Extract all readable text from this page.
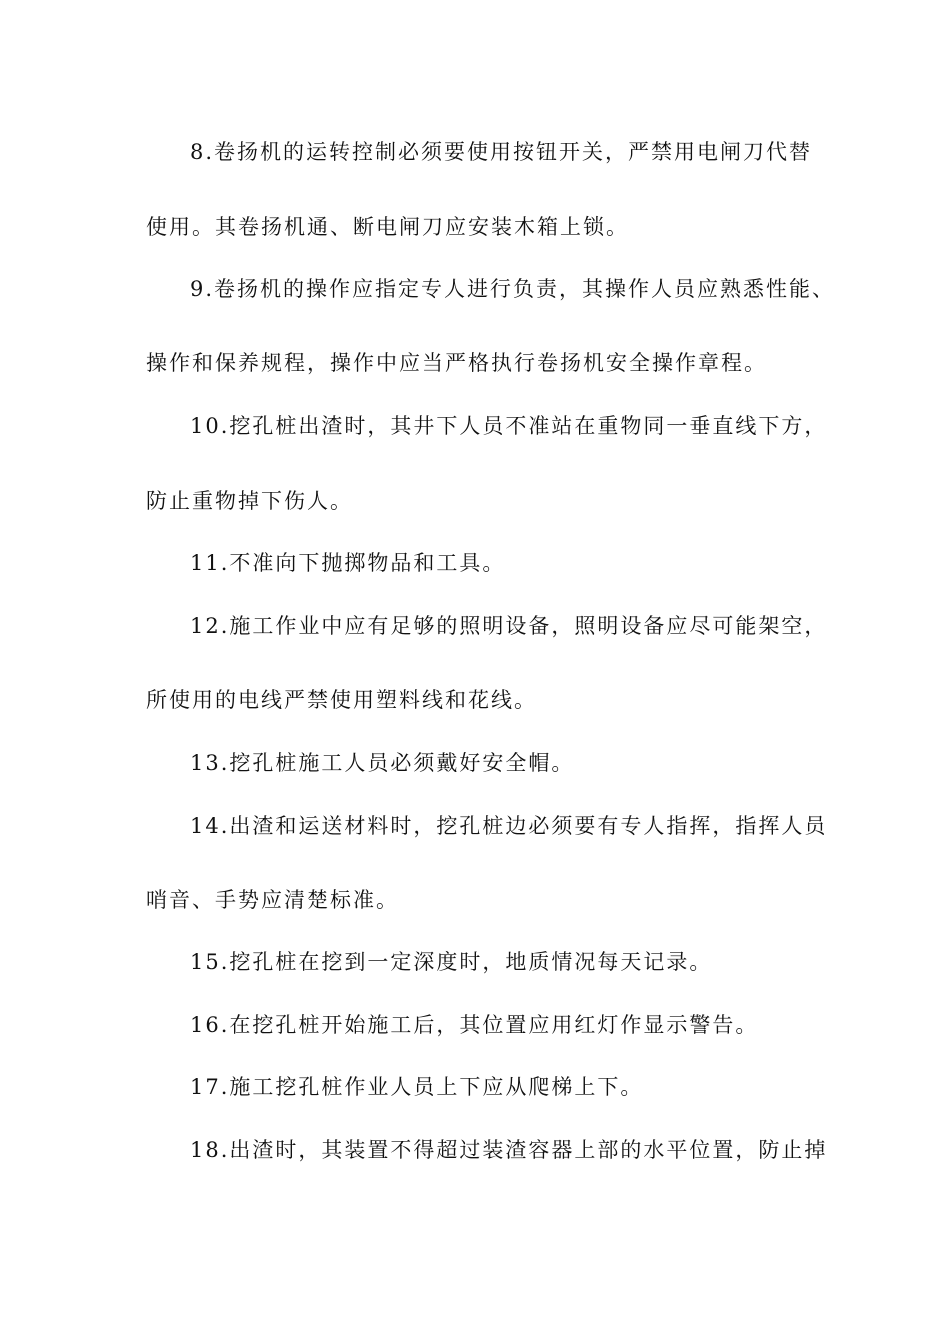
8.卷扬机的运转控制必须要使用按钮开关，严禁用电闸刀代替
使用。其卷扬机通、断电闸刀应安装木箱上锁。
9.卷扬机的操作应指定专人进行负责，其操作人员应熟悉性能、
操作和保养规程，操作中应当严格执行卷扬机安全操作章程。
10.挖孔桩出渣时，其井下人员不准站在重物同一垂直线下方，
防止重物掉下伤人。
11.不准向下抛掷物品和工具。
12.施工作业中应有足够的照明设备，照明设备应尽可能架空，
所使用的电线严禁使用塑料线和花线。
13.挖孔桩施工人员必须戴好安全帽。
14.出渣和运送材料时，挖孔桩边必须要有专人指挥，指挥人员
哨音、手势应清楚标准。
15.挖孔桩在挖到一定深度时，地质情况每天记录。
16.在挖孔桩开始施工后，其位置应用红灯作显示警告。
17.施工挖孔桩作业人员上下应从爬梯上下。
18.出渣时，其装置不得超过装渣容器上部的水平位置，防止掉
